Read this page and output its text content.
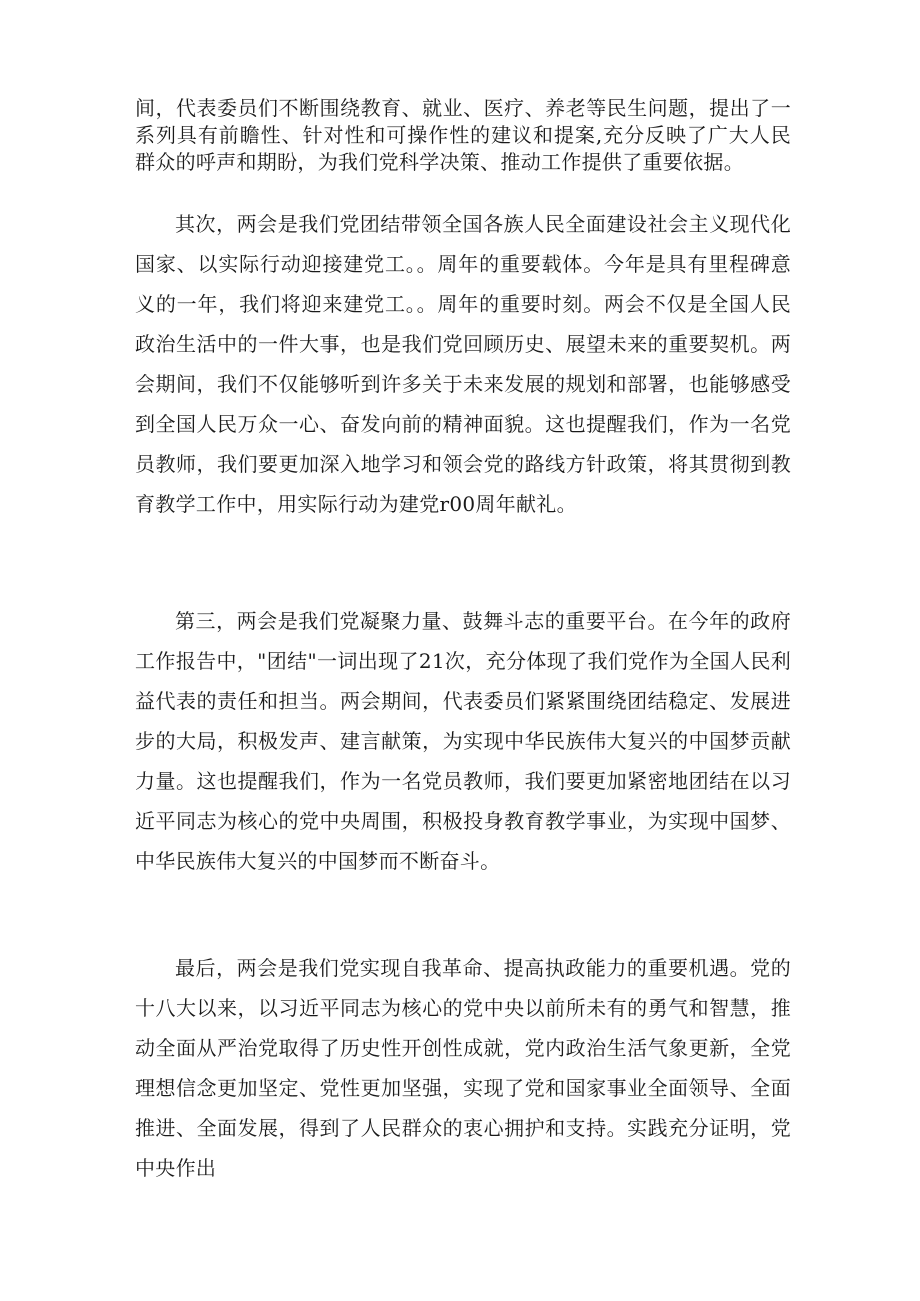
间，代表委员们不断围绕教育、就业、医疗、养老等民生问题，提出了一系列具有前瞻性、针对性和可操作性的建议和提案,充分反映了广大人民群众的呼声和期盼，为我们党科学决策、推动工作提供了重要依据。

其次，两会是我们党团结带领全国各族人民全面建设社会主义现代化国家、以实际行动迎接建党工。。周年的重要载体。今年是具有里程碑意义的一年，我们将迎来建党工。。周年的重要时刻。两会不仅是全国人民政治生活中的一件大事，也是我们党回顾历史、展望未来的重要契机。两会期间，我们不仅能够听到许多关于未来发展的规划和部署，也能够感受到全国人民万众一心、奋发向前的精神面貌。这也提醒我们，作为一名党员教师，我们要更加深入地学习和领会党的路线方针政策，将其贯彻到教育教学工作中，用实际行动为建党r00周年献礼。

第三，两会是我们党凝聚力量、鼓舞斗志的重要平台。在今年的政府工作报告中，"团结"一词出现了21次，充分体现了我们党作为全国人民利益代表的责任和担当。两会期间，代表委员们紧紧围绕团结稳定、发展进步的大局，积极发声、建言献策，为实现中华民族伟大复兴的中国梦贡献力量。这也提醒我们，作为一名党员教师，我们要更加紧密地团结在以习近平同志为核心的党中央周围，积极投身教育教学事业，为实现中国梦、中华民族伟大复兴的中国梦而不断奋斗。

最后，两会是我们党实现自我革命、提高执政能力的重要机遇。党的十八大以来，以习近平同志为核心的党中央以前所未有的勇气和智慧，推动全面从严治党取得了历史性开创性成就，党内政治生活气象更新，全党理想信念更加坚定、党性更加坚强，实现了党和国家事业全面领导、全面推进、全面发展，得到了人民群众的衷心拥护和支持。实践充分证明，党中央作出
